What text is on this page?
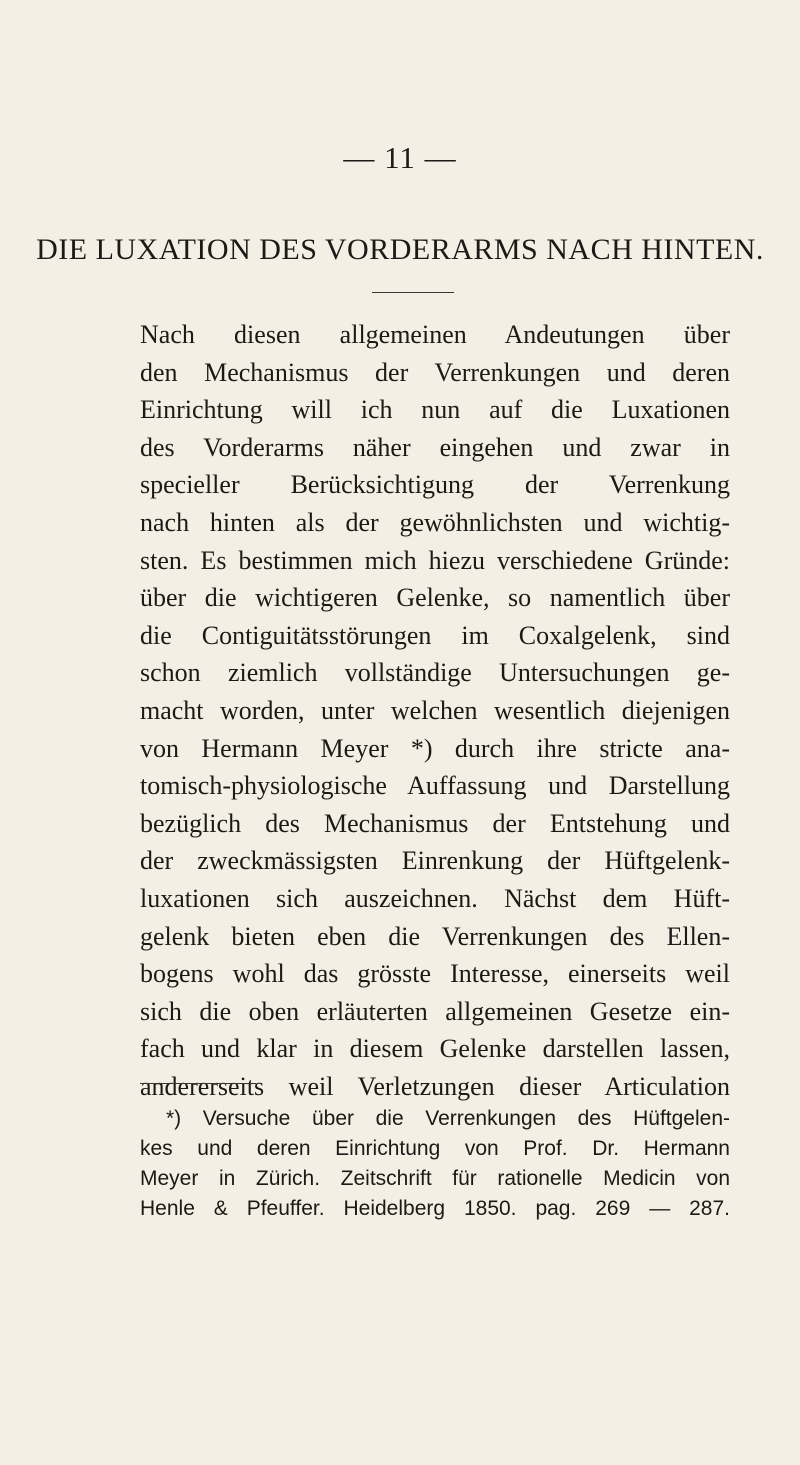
— 11 —
DIE LUXATION DES VORDERARMS NACH HINTEN.
Nach diesen allgemeinen Andeutungen über
den Mechanismus der Verrenkungen und deren
Einrichtung will ich nun auf die Luxationen
des Vorderarms näher eingehen und zwar in
specieller Berücksichtigung der Verrenkung
nach hinten als der gewöhnlichsten und wichtig-
sten. Es bestimmen mich hiezu verschiedene Gründe:
über die wichtigeren Gelenke, so namentlich über
die Contiguitätsstörungen im Coxalgelenk, sind
schon ziemlich vollständige Untersuchungen ge-
macht worden, unter welchen wesentlich diejenigen
von Hermann Meyer *) durch ihre stricte ana-
tomisch-physiologische Auffassung und Darstellung
bezüglich des Mechanismus der Entstehung und
der zweckmässigsten Einrenkung der Hüftgelenk-
luxationen sich auszeichnen. Nächst dem Hüft-
gelenk bieten eben die Verrenkungen des Ellen-
bogens wohl das grösste Interesse, einerseits weil
sich die oben erläuterten allgemeinen Gesetze ein-
fach und klar in diesem Gelenke darstellen lassen,
andererseits weil Verletzungen dieser Articulation
*) Versuche über die Verrenkungen des Hüftgelen-
kes und deren Einrichtung von Prof. Dr. Hermann
Meyer in Zürich. Zeitschrift für rationelle Medicin von
Henle & Pfeuffer. Heidelberg 1850. pag. 269 — 287.
